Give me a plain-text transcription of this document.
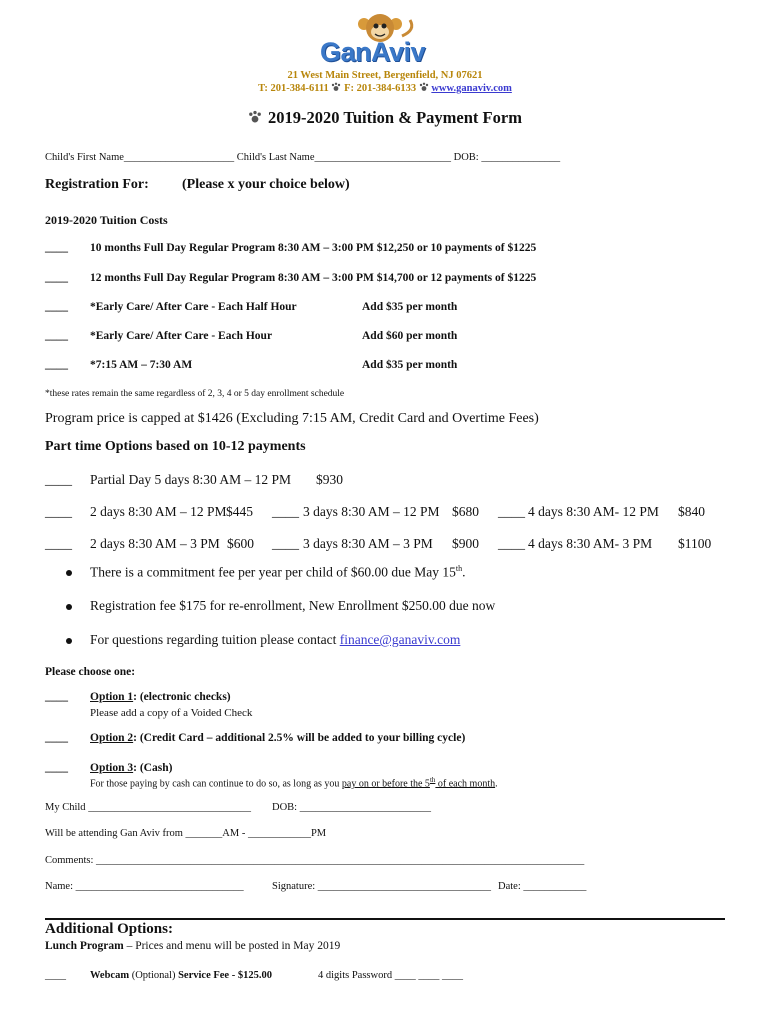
GanAviv
21 West Main Street, Bergenfield, NJ 07621
T: 201-384-6111 F: 201-384-6133 www.ganaviv.com
2019-2020 Tuition & Payment Form
Child's First Name_____________________ Child's Last Name__________________________ DOB: _______________
Registration For: (Please x your choice below)
2019-2020 Tuition Costs
____ 10 months Full Day Regular Program 8:30 AM – 3:00 PM $12,250 or 10 payments of $1225
____ 12 months Full Day Regular Program 8:30 AM – 3:00 PM $14,700 or 12 payments of $1225
____ *Early Care/ After Care - Each Half Hour	Add $35 per month
____ *Early Care/ After Care - Each Hour	Add $60 per month
____ *7:15 AM – 7:30 AM	Add $35 per month
*these rates remain the same regardless of 2, 3, 4 or 5 day enrollment schedule
Program price is capped at $1426 (Excluding 7:15 AM, Credit Card and Overtime Fees)
Part time Options based on 10-12 payments
____ Partial Day 5 days 8:30 AM – 12 PM $930
____ 2 days 8:30 AM – 12 PM $445 ____ 3 days 8:30 AM – 12 PM $680 ____ 4 days 8:30 AM- 12 PM $840
____ 2 days 8:30 AM – 3 PM $600 ____ 3 days 8:30 AM – 3 PM $900 ____ 4 days 8:30 AM- 3 PM $1100
There is a commitment fee per year per child of $60.00 due May 15th.
Registration fee $175 for re-enrollment, New Enrollment $250.00 due now
For questions regarding tuition please contact finance@ganaviv.com
Please choose one:
____ Option 1: (electronic checks)
Please add a copy of a Voided Check
____ Option 2: (Credit Card – additional 2.5% will be added to your billing cycle)
____ Option 3: (Cash)
For those paying by cash can continue to do so, as long as you pay on or before the 5th of each month.
My Child _______________________________ DOB: _________________________
Will be attending Gan Aviv from _______AM - ____________PM
Comments: _____________________________________________________________________________________________
Name: ________________________________	Signature: _________________________________ Date: ____________
Additional Options:
Lunch Program – Prices and menu will be posted in May 2019
____ Webcam (Optional) Service Fee - $125.00	4 digits Password ____ ____ ____
